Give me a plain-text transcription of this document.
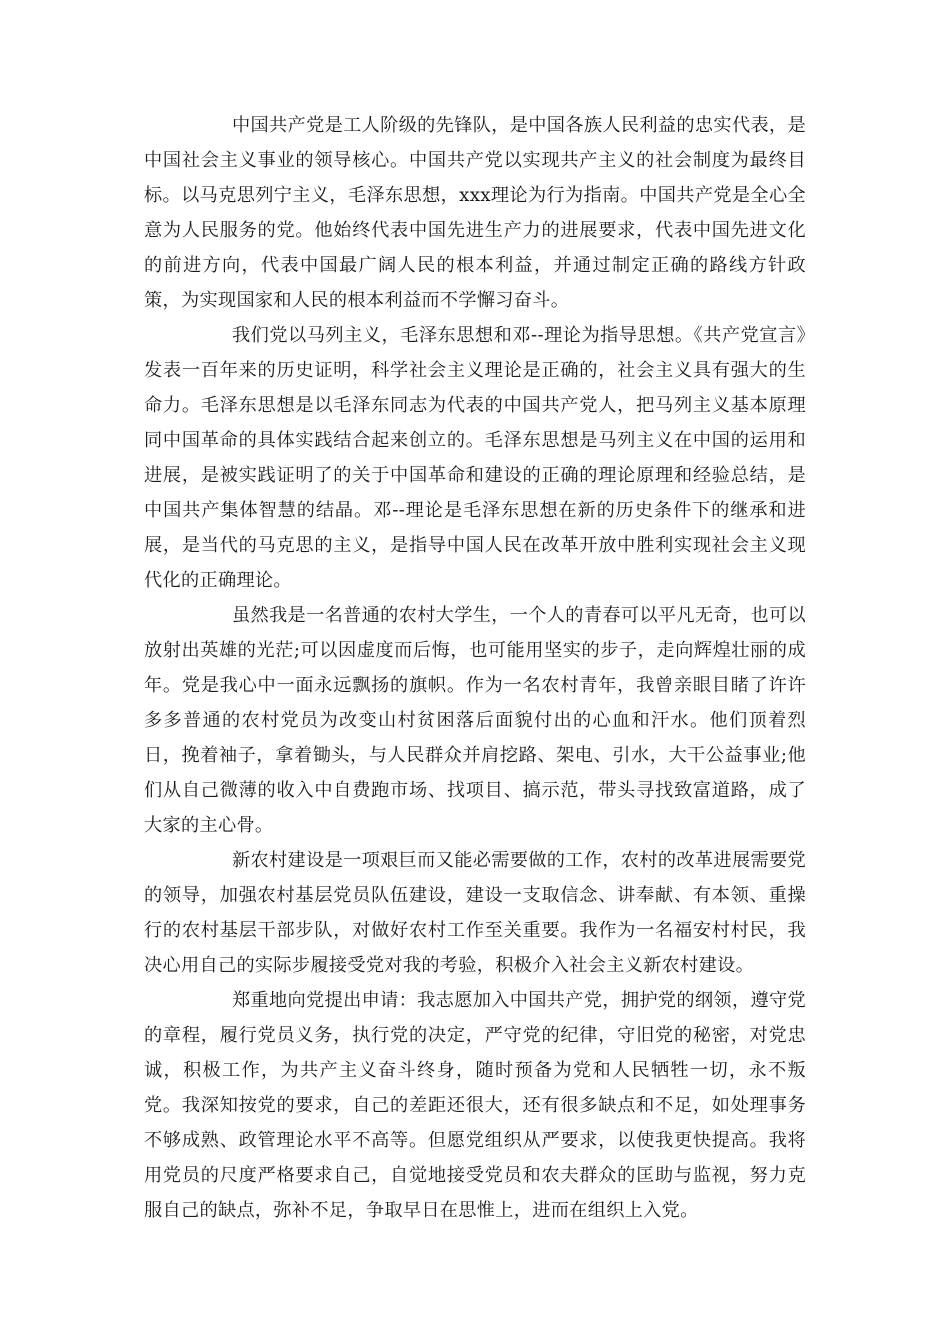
中国共产党是工人阶级的先锋队，是中国各族人民利益的忠实代表，是中国社会主义事业的领导核心。中国共产党以实现共产主义的社会制度为最终目标。以马克思列宁主义，毛泽东思想，xxx理论为行为指南。中国共产党是全心全意为人民服务的党。他始终代表中国先进生产力的进展要求，代表中国先进文化的前进方向，代表中国最广阔人民的根本利益，并通过制定正确的路线方针政策，为实现国家和人民的根本利益而不学懈习奋斗。

我们党以马列主义，毛泽东思想和邓--理论为指导思想。《共产党宣言》发表一百年来的历史证明，科学社会主义理论是正确的，社会主义具有强大的生命力。毛泽东思想是以毛泽东同志为代表的中国共产党人，把马列主义基本原理同中国革命的具体实践结合起来创立的。毛泽东思想是马列主义在中国的运用和进展，是被实践证明了的关于中国革命和建设的正确的理论原理和经验总结，是中国共产集体智慧的结晶。邓--理论是毛泽东思想在新的历史条件下的继承和进展，是当代的马克思的主义，是指导中国人民在改革开放中胜利实现社会主义现代化的正确理论。

虽然我是一名普通的农村大学生，一个人的青春可以平凡无奇，也可以放射出英雄的光茫;可以因虚度而后悔，也可能用坚实的步子，走向辉煌壮丽的成年。党是我心中一面永远飘扬的旗帜。作为一名农村青年，我曾亲眼目睹了许许多多普通的农村党员为改变山村贫困落后面貌付出的心血和汗水。他们顶着烈日，挽着袖子，拿着锄头，与人民群众并肩挖路、架电、引水，大干公益事业;他们从自己微薄的收入中自费跑市场、找项目、搞示范，带头寻找致富道路，成了大家的主心骨。

新农村建设是一项艰巨而又能必需要做的工作，农村的改革进展需要党的领导，加强农村基层党员队伍建设，建设一支取信念、讲奉献、有本领、重操行的农村基层干部步队，对做好农村工作至关重要。我作为一名福安村村民，我决心用自己的实际步履接受党对我的考验，积极介入社会主义新农村建设。

郑重地向党提出申请：我志愿加入中国共产党，拥护党的纲领，遵守党的章程，履行党员义务，执行党的决定，严守党的纪律，守旧党的秘密，对党忠诚，积极工作，为共产主义奋斗终身，随时预备为党和人民牺牲一切，永不叛党。我深知按党的要求，自己的差距还很大，还有很多缺点和不足，如处理事务不够成熟、政管理论水平不高等。但愿党组织从严要求，以使我更快提高。我将用党员的尺度严格要求自己，自觉地接受党员和农夫群众的匡助与监视，努力克服自己的缺点，弥补不足，争取早日在思惟上，进而在组织上入党。
